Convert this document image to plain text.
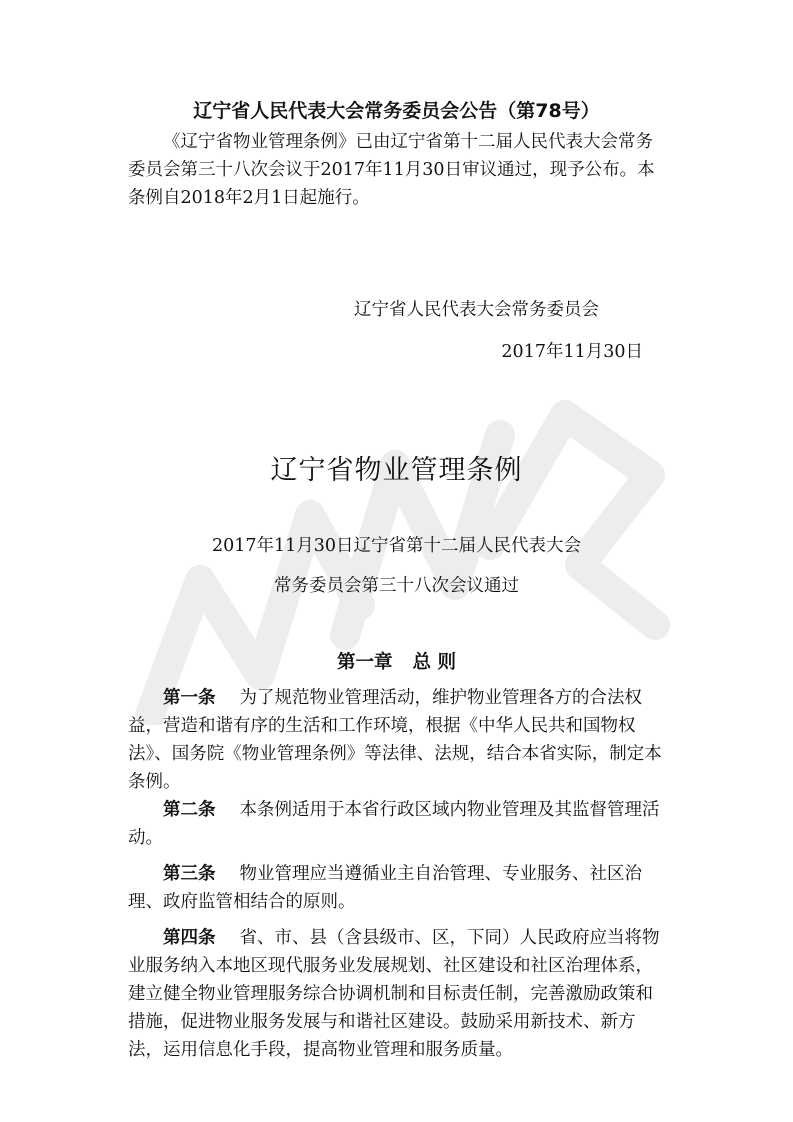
辽宁省人民代表大会常务委员会公告（第78号）
《辽宁省物业管理条例》已由辽宁省第十二届人民代表大会常务委员会第三十八次会议于2017年11月30日审议通过，现予公布。本条例自2018年2月1日起施行。
辽宁省人民代表大会常务委员会
2017年11月30日
辽宁省物业管理条例
2017年11月30日辽宁省第十二届人民代表大会
常务委员会第三十八次会议通过
第一章 总 则
第一条 为了规范物业管理活动，维护物业管理各方的合法权益，营造和谐有序的生活和工作环境，根据《中华人民共和国物权法》、国务院《物业管理条例》等法律、法规，结合本省实际，制定本条例。
第二条 本条例适用于本省行政区域内物业管理及其监督管理活动。
第三条 物业管理应当遵循业主自治管理、专业服务、社区治理、政府监管相结合的原则。
第四条 省、市、县（含县级市、区，下同）人民政府应当将物业服务纳入本地区现代服务业发展规划、社区建设和社区治理体系，建立健全物业管理服务综合协调机制和目标责任制，完善激励政策和措施，促进物业服务发展与和谐社区建设。鼓励采用新技术、新方法，运用信息化手段，提高物业管理和服务质量。
